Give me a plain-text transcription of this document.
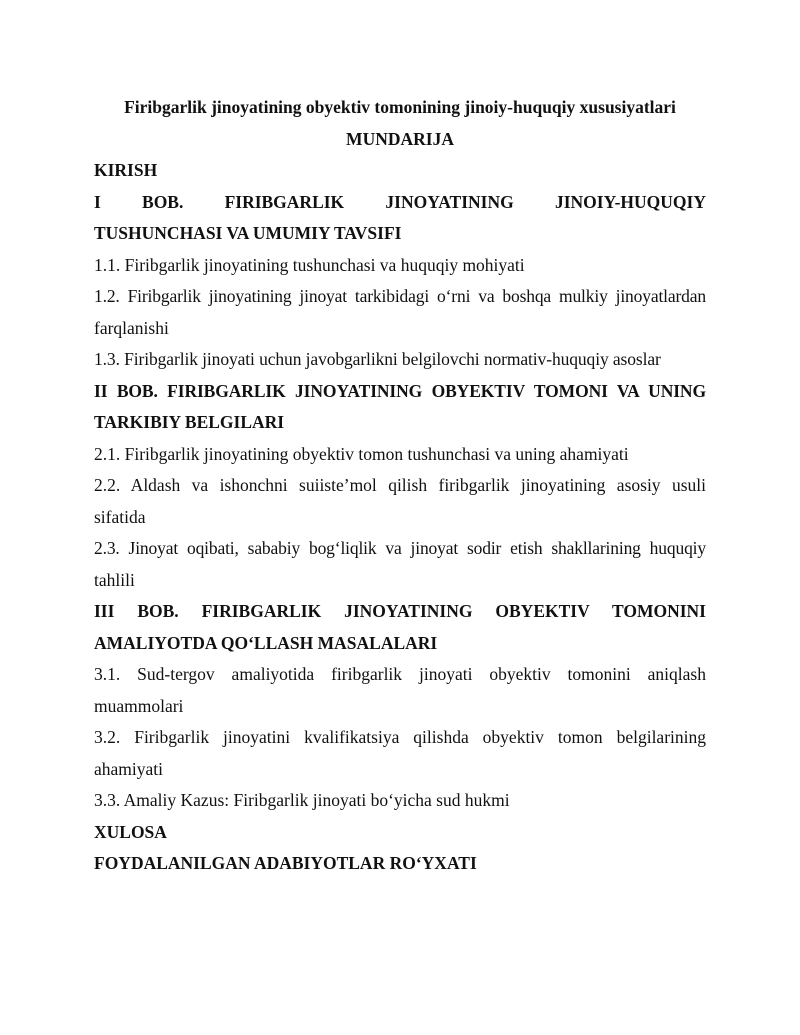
Firibgarlik jinoyatining obyektiv tomonining jinoiy-huquqiy xususiyatlari

MUNDARIJA

KIRISH

I BOB. FIRIBGARLIK JINOYATINING JINOIY-HUQUQIY
TUSHUNCHASI VA UMUMIY TAVSIFI

1.1. Firibgarlik jinoyatining tushunchasi va huquqiy mohiyati

1.2. Firibgarlik jinoyatining jinoyat tarkibidagi o‘rni va boshqa mulkiy jinoyatlardan
farqlanishi

1.3. Firibgarlik jinoyati uchun javobgarlikni belgilovchi normativ-huquqiy asoslar

II BOB. FIRIBGARLIK JINOYATINING OBYEKTIV TOMONI VA UNING
TARKIBIY BELGILARI

2.1. Firibgarlik jinoyatining obyektiv tomon tushunchasi va uning ahamiyati

2.2. Aldash va ishonchni suiiste’mol qilish firibgarlik jinoyatining asosiy usuli
sifatida

2.3. Jinoyat oqibati, sababiy bog‘liqlik va jinoyat sodir etish shakllarining huquqiy
tahlili

III BOB. FIRIBGARLIK JINOYATINING OBYEKTIV TOMONINI
AMALIYOTDA QO‘LLASH MASALALARI

3.1. Sud-tergov amaliyotida firibgarlik jinoyati obyektiv tomonini aniqlash
muammolari

3.2. Firibgarlik jinoyatini kvalifikatsiya qilishda obyektiv tomon belgilarining
ahamiyati

3.3. Amaliy Kazus: Firibgarlik jinoyati bo‘yicha sud hukmi

XULOSA

FOYDALANILGAN ADABIYOTLAR RO‘YXATI
